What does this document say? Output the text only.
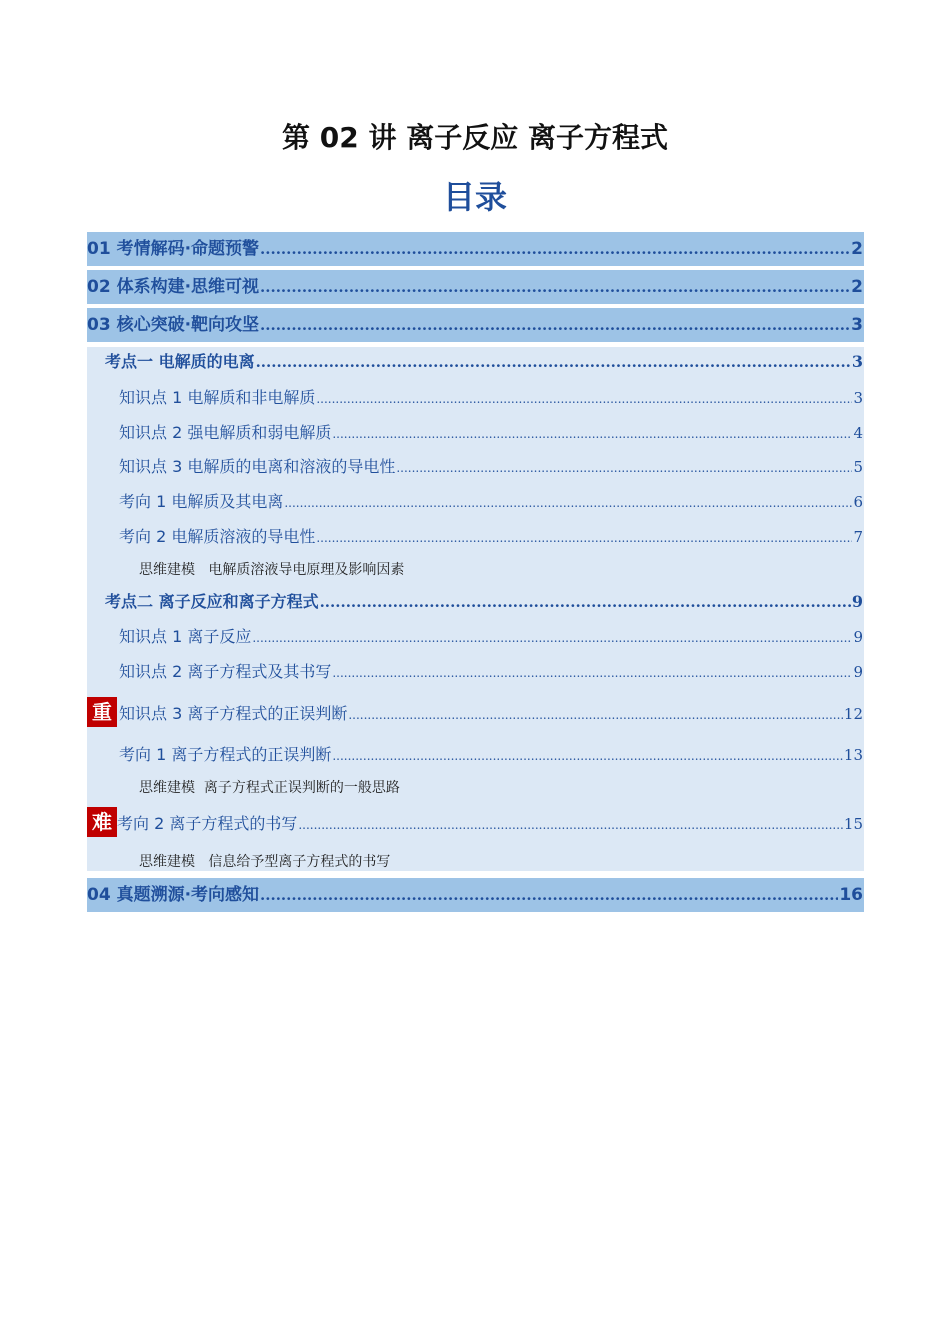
第 02 讲 离子反应 离子方程式
目录
01 考情解码·命题预警 .....	2
02 体系构建·思维可视 .....	2
03 核心突破·靶向攻坚 .....	3
考点一 电解质的电离 .....	3
知识点 1 电解质和非电解质 .....	3
知识点 2 强电解质和弱电解质 .....	4
知识点 3 电解质的电离和溶液的导电性 .....	5
考向 1 电解质及其电离 .....	6
考向 2 电解质溶液的导电性 .....	7
思维建模   电解质溶液导电原理及影响因素
考点二 离子反应和离子方程式 .....	9
知识点 1 离子反应 .....	9
知识点 2 离子方程式及其书写 .....	9
重 知识点 3 离子方程式的正误判断 .....	12
考向 1 离子方程式的正误判断 .....	13
思维建模  离子方程式正误判断的一般思路
难 考向 2 离子方程式的书写 .....	15
思维建模   信息给予型离子方程式的书写
04 真题溯源·考向感知 .....	16
